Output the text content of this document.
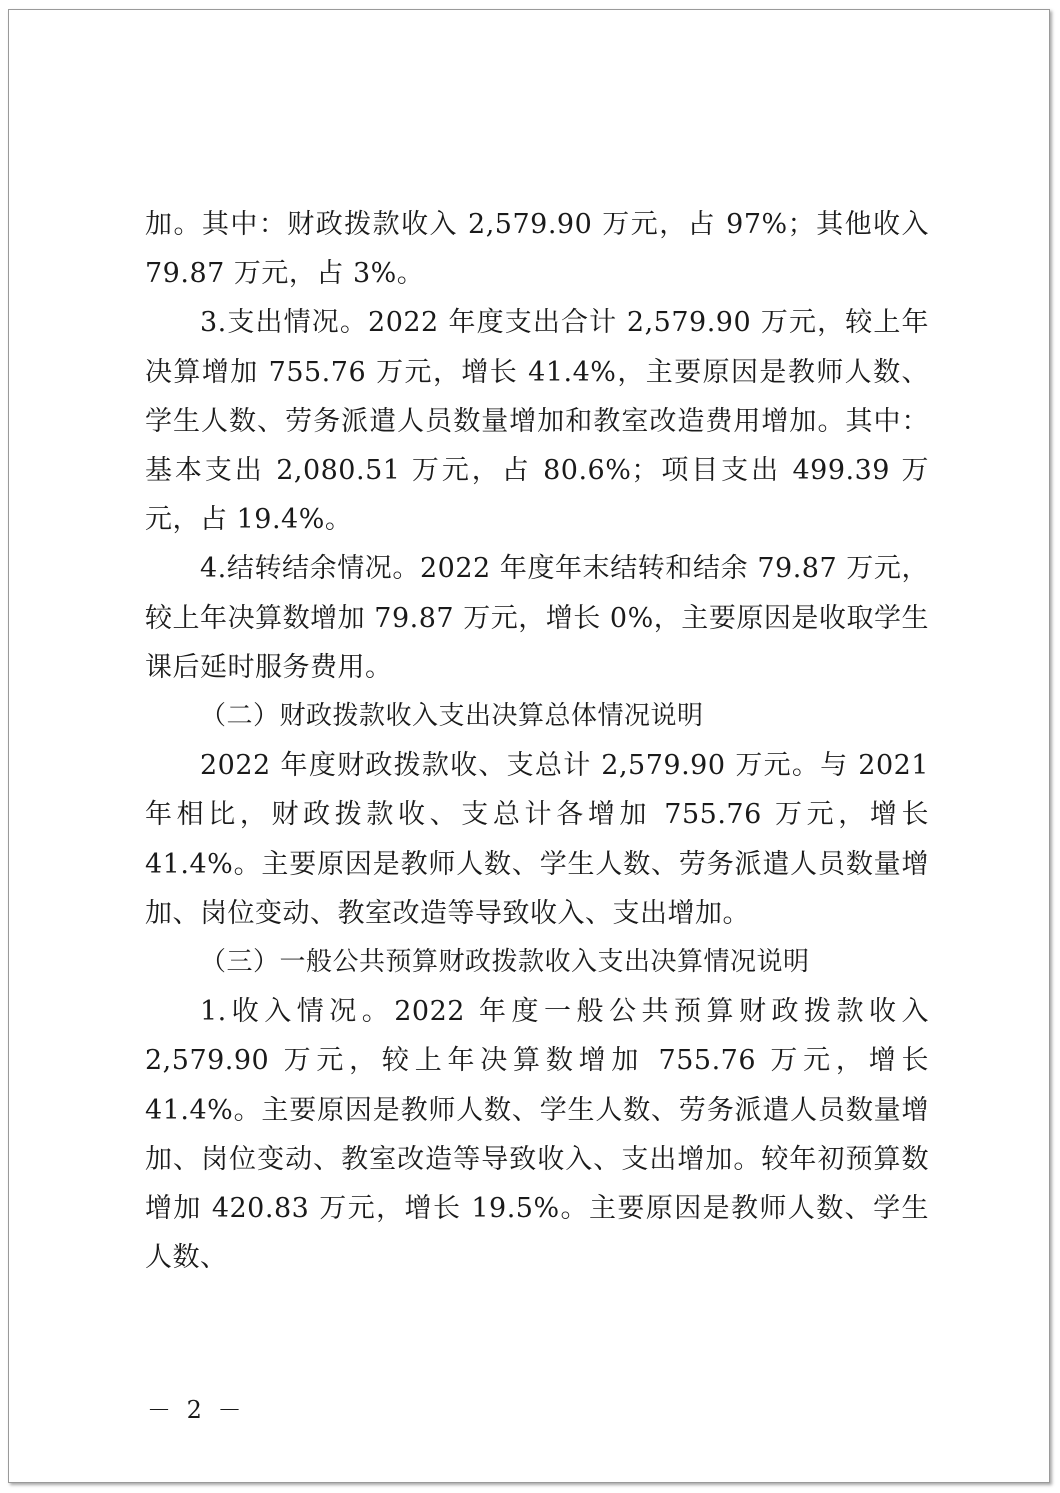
加。其中：财政拨款收入 2,579.90 万元，占 97%；其他收入 79.87 万元，占 3%。

3.支出情况。2022 年度支出合计 2,579.90 万元，较上年决算增加 755.76 万元，增长 41.4%，主要原因是教师人数、学生人数、劳务派遣人员数量增加和教室改造费用增加。其中：基本支出 2,080.51 万元，占 80.6%；项目支出 499.39 万元，占 19.4%。

4.结转结余情况。2022 年度年末结转和结余 79.87 万元，较上年决算数增加 79.87 万元，增长 0%，主要原因是收取学生课后延时服务费用。

（二）财政拨款收入支出决算总体情况说明

2022 年度财政拨款收、支总计 2,579.90 万元。与 2021 年相比，财政拨款收、支总计各增加 755.76 万元，增长 41.4%。主要原因是教师人数、学生人数、劳务派遣人员数量增加、岗位变动、教室改造等导致收入、支出增加。

（三）一般公共预算财政拨款收入支出决算情况说明

1.收入情况。2022 年度一般公共预算财政拨款收入 2,579.90 万元，较上年决算数增加 755.76 万元，增长 41.4%。主要原因是教师人数、学生人数、劳务派遣人员数量增加、岗位变动、教室改造等导致收入、支出增加。较年初预算数增加 420.83 万元，增长 19.5%。主要原因是教师人数、学生人数、

－ 2 －
